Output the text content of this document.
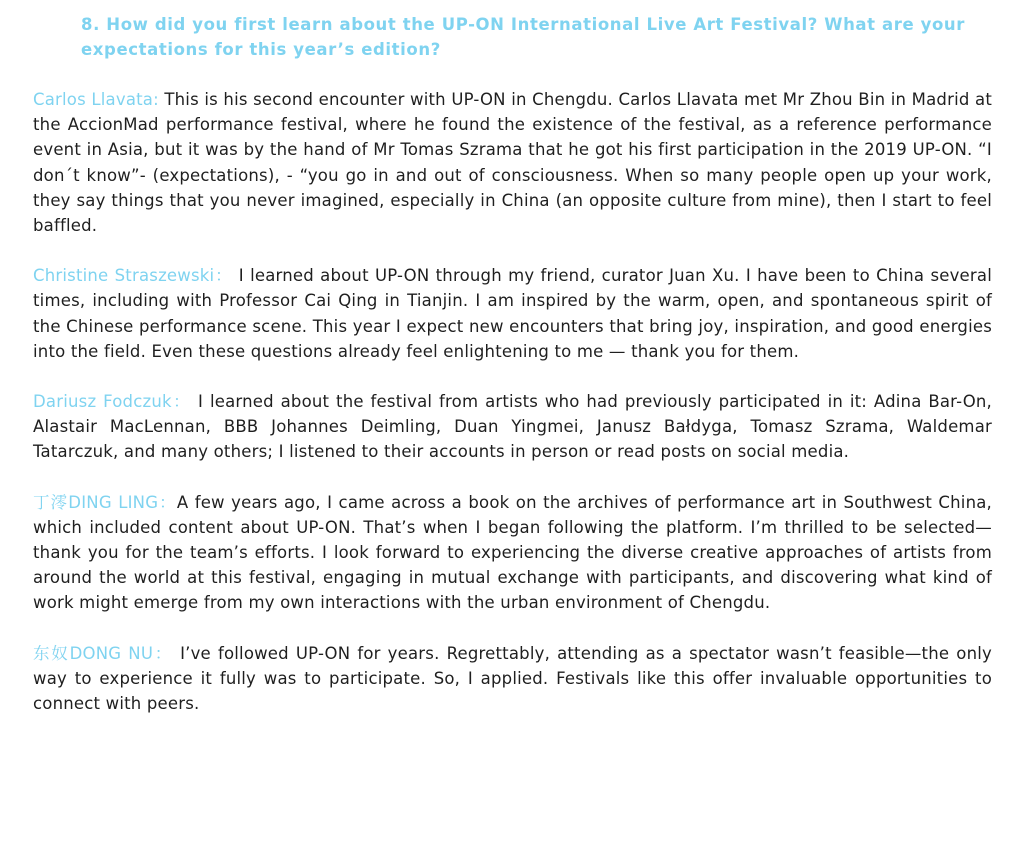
8. How did you first learn about the UP-ON International Live Art Festival? What are your expectations for this year’s edition?

Carlos Llavata: This is his second encounter with UP-ON in Chengdu. Carlos Llavata met Mr Zhou Bin in Madrid at the AccionMad performance festival, where he found the existence of the festival, as a reference performance event in Asia, but it was by the hand of Mr Tomas Szrama that he got his first participation in the 2019 UP-ON. “I don´t know”- (expectations), - “you go in and out of consciousness. When so many people open up your work, they say things that you never imagined, especially in China (an opposite culture from mine), then I start to feel baffled.

Christine Straszewski： I learned about UP-ON through my friend, curator Juan Xu. I have been to China several times, including with Professor Cai Qing in Tianjin. I am inspired by the warm, open, and spontaneous spirit of the Chinese performance scene. This year I expect new encounters that bring joy, inspiration, and good energies into the field. Even these questions already feel enlightening to me — thank you for them.

Dariusz Fodczuk： I learned about the festival from artists who had previously participated in it: Adina Bar-On, Alastair MacLennan, BBB Johannes Deimling, Duan Yingmei, Janusz Bałdyga, Tomasz Szrama, Waldemar Tatarczuk, and many others; I listened to their accounts in person or read posts on social media.

丁澪DING LING：A few years ago, I came across a book on the archives of performance art in Southwest China, which included content about UP-ON. That’s when I began following the platform. I’m thrilled to be selected—thank you for the team’s efforts. I look forward to experiencing the diverse creative approaches of artists from around the world at this festival, engaging in mutual exchange with participants, and discovering what kind of work might emerge from my own interactions with the urban environment of Chengdu.

东奴DONG NU： I’ve followed UP-ON for years. Regrettably, attending as a spectator wasn’t feasible—the only way to experience it fully was to participate. So, I applied. Festivals like this offer invaluable opportunities to connect with peers.
